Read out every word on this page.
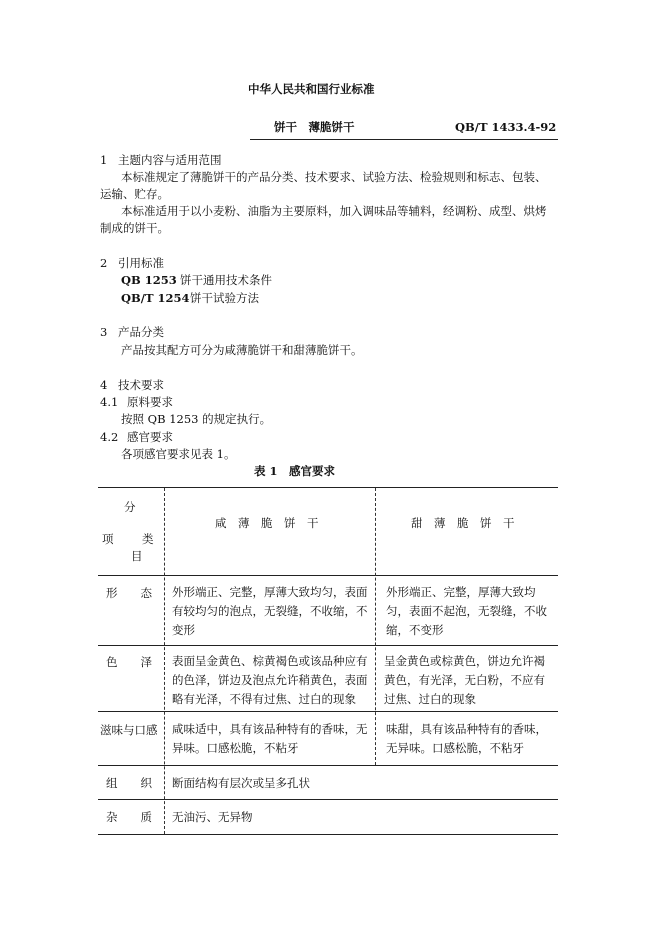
中华人民共和国行业标准
饼干　薄脆饼干	QB/T 1433.4-92
1 主题内容与适用范围
本标准规定了薄脆饼干的产品分类、技术要求、试验方法、检验规则和标志、包装、
运输、贮存。
本标准适用于以小麦粉、油脂为主要原料，加入调味品等辅料，经调粉、成型、烘烤
制成的饼干。
2 引用标准
QB 1253 饼干通用技术条件
QB/T 1254 饼干试验方法
3 产品分类
产品按其配方可分为咸薄脆饼干和甜薄脆饼干。
4 技术要求
4.1 原料要求
按照 QB 1253 的规定执行。
4.2 感官要求
各项感官要求见表 1。
表 1　感官要求
分
项 类
目
咸　薄　脆　饼　干	甜　薄　脆　饼　干
形　　态 外形端正、完整，厚薄大致均匀，表面

有较均匀的泡点，无裂缝，不收缩，不

变形

外形端正、完整，厚薄大致均

匀，表面不起泡，无裂缝，不收

缩，不变形

色　　泽 表面呈金黄色、棕黄褐色或该品种应有

的色泽，饼边及泡点允许稍黄色，表面

略有光泽，不得有过焦、过白的现象

呈金黄色或棕黄色，饼边允许褐

黄色，有光泽，无白粉，不应有

过焦、过白的现象

滋味与口感 咸味适中，具有该品种特有的香味，无

异味。口感松脆，不粘牙

味甜，具有该品种特有的香味，

无异味。口感松脆，不粘牙

组　　织 断面结构有层次或呈多孔状
杂　　质 无油污、无异物
